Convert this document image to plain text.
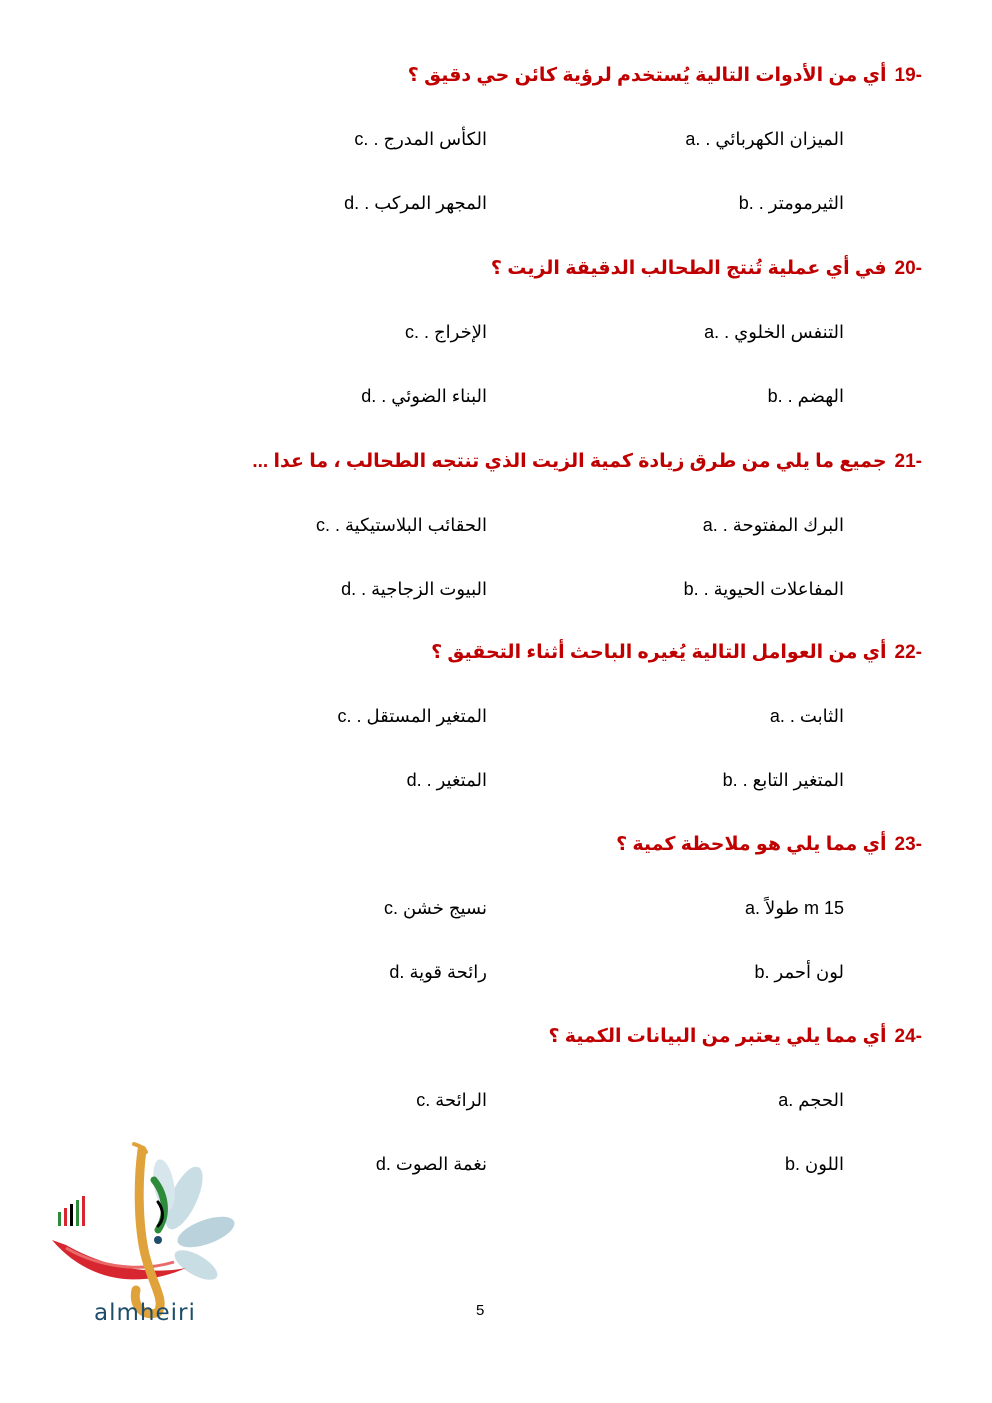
19-أي من الأدوات التالية يُستخدم لرؤية كائن حي دقيق ؟
a. الميزان الكهربائي .
b. الثيرمومتر .
c. الكأس المدرج .
d. المجهر المركب .
20-في أي عملية تُنتج الطحالب الدقيقة الزيت ؟
a. التنفس الخلوي .
b. الهضم .
c. الإخراج .
d. البناء الضوئي .
21-جميع ما يلي من طرق زيادة كمية الزيت الذي تنتجه الطحالب ، ما عدا ...
a. البرك المفتوحة .
b. المفاعلات الحيوية .
c. الحقائب البلاستيكية .
d. البيوت الزجاجية .
22-أي من العوامل التالية يُغيره الباحث أثناء التحقيق ؟
a. الثابت .
b. المتغير التابع .
c. المتغير المستقل .
d. المتغير .
23-أي مما يلي هو ملاحظة كمية ؟
a. 15 m طولاً
b. لون أحمر
c. نسيج خشن
d. رائحة قوية
24-أي مما يلي يعتبر من البيانات الكمية ؟
a. الحجم
b. اللون
c. الرائحة
d. نغمة الصوت
almheiri	5
